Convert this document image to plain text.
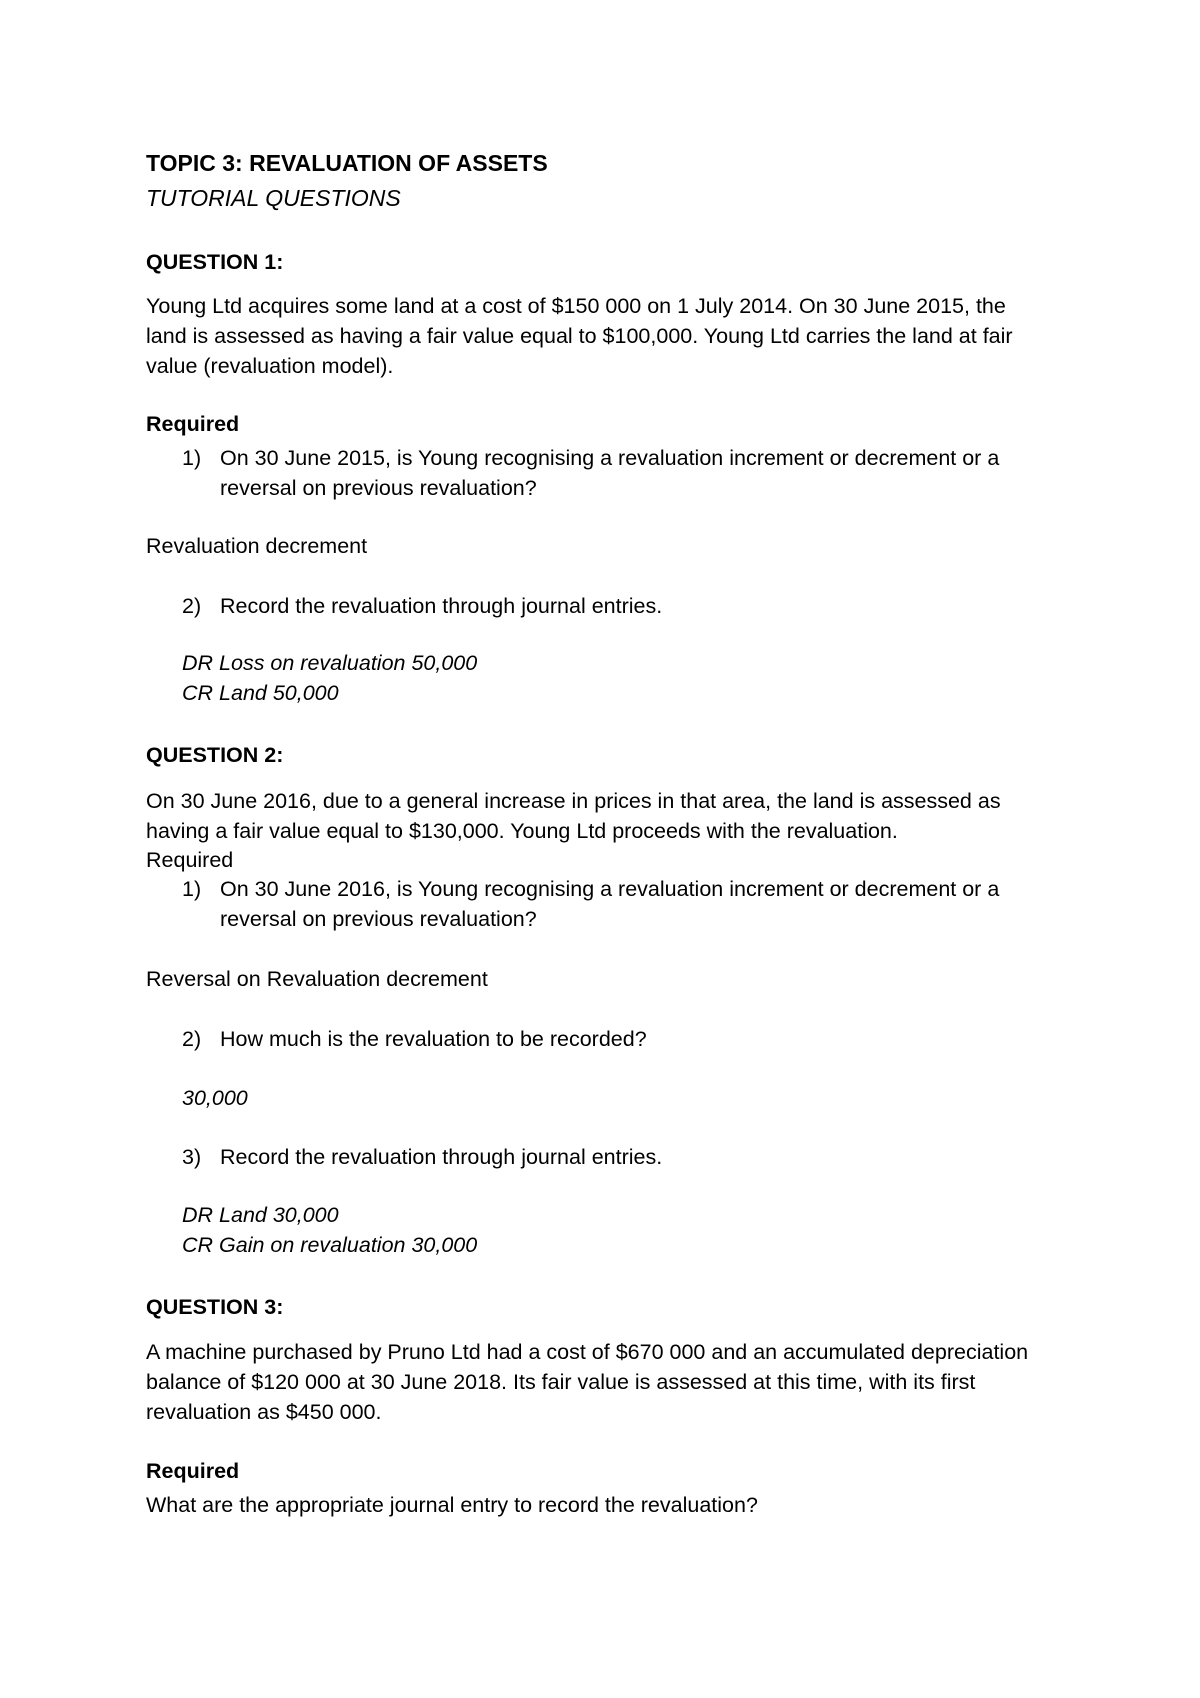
TOPIC 3: REVALUATION OF ASSETS
TUTORIAL QUESTIONS
QUESTION 1:
Young Ltd acquires some land at a cost of $150 000 on 1 July 2014. On 30 June 2015, the
land is assessed as having a fair value equal to $100,000. Young Ltd carries the land at fair
value (revaluation model).
Required
1) On 30 June 2015, is Young recognising a revaluation increment or decrement or a
reversal on previous revaluation?
Revaluation decrement
2) Record the revaluation through journal entries.
DR Loss on revaluation 50,000
CR Land 50,000
QUESTION 2:
On 30 June 2016, due to a general increase in prices in that area, the land is assessed as
having a fair value equal to $130,000. Young Ltd proceeds with the revaluation.
Required
1) On 30 June 2016, is Young recognising a revaluation increment or decrement or a
reversal on previous revaluation?
Reversal on Revaluation decrement
2) How much is the revaluation to be recorded?
30,000
3) Record the revaluation through journal entries.
DR Land 30,000
CR Gain on revaluation 30,000
QUESTION 3:
A machine purchased by Pruno Ltd had a cost of $670 000 and an accumulated depreciation
balance of $120 000 at 30 June 2018. Its fair value is assessed at this time, with its first
revaluation as $450 000.
Required
What are the appropriate journal entry to record the revaluation?
